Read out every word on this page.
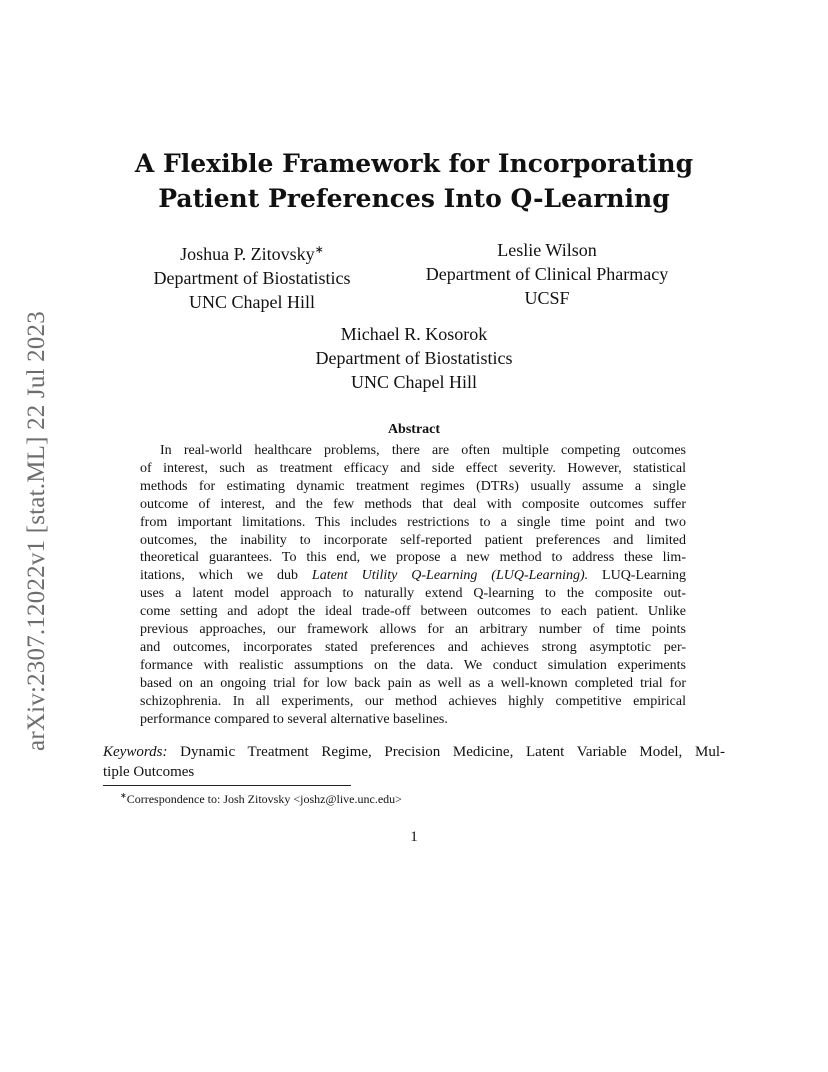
arXiv:2307.12022v1 [stat.ML] 22 Jul 2023
A Flexible Framework for Incorporating
Patient Preferences Into Q-Learning
Joshua P. Zitovsky∗
Department of Biostatistics
UNC Chapel Hill
Leslie Wilson
Department of Clinical Pharmacy
UCSF
Michael R. Kosorok
Department of Biostatistics
UNC Chapel Hill
Abstract
In real-world healthcare problems, there are often multiple competing outcomes
of interest, such as treatment efficacy and side effect severity. However, statistical
methods for estimating dynamic treatment regimes (DTRs) usually assume a single
outcome of interest, and the few methods that deal with composite outcomes suffer
from important limitations. This includes restrictions to a single time point and two
outcomes, the inability to incorporate self-reported patient preferences and limited
theoretical guarantees. To this end, we propose a new method to address these lim-
itations, which we dub Latent Utility Q-Learning (LUQ-Learning). LUQ-Learning
uses a latent model approach to naturally extend Q-learning to the composite out-
come setting and adopt the ideal trade-off between outcomes to each patient. Unlike
previous approaches, our framework allows for an arbitrary number of time points
and outcomes, incorporates stated preferences and achieves strong asymptotic per-
formance with realistic assumptions on the data. We conduct simulation experiments
based on an ongoing trial for low back pain as well as a well-known completed trial for
schizophrenia. In all experiments, our method achieves highly competitive empirical
performance compared to several alternative baselines.
Keywords: Dynamic Treatment Regime, Precision Medicine, Latent Variable Model, Mul-
tiple Outcomes
∗Correspondence to: Josh Zitovsky <joshz@live.unc.edu>
1
